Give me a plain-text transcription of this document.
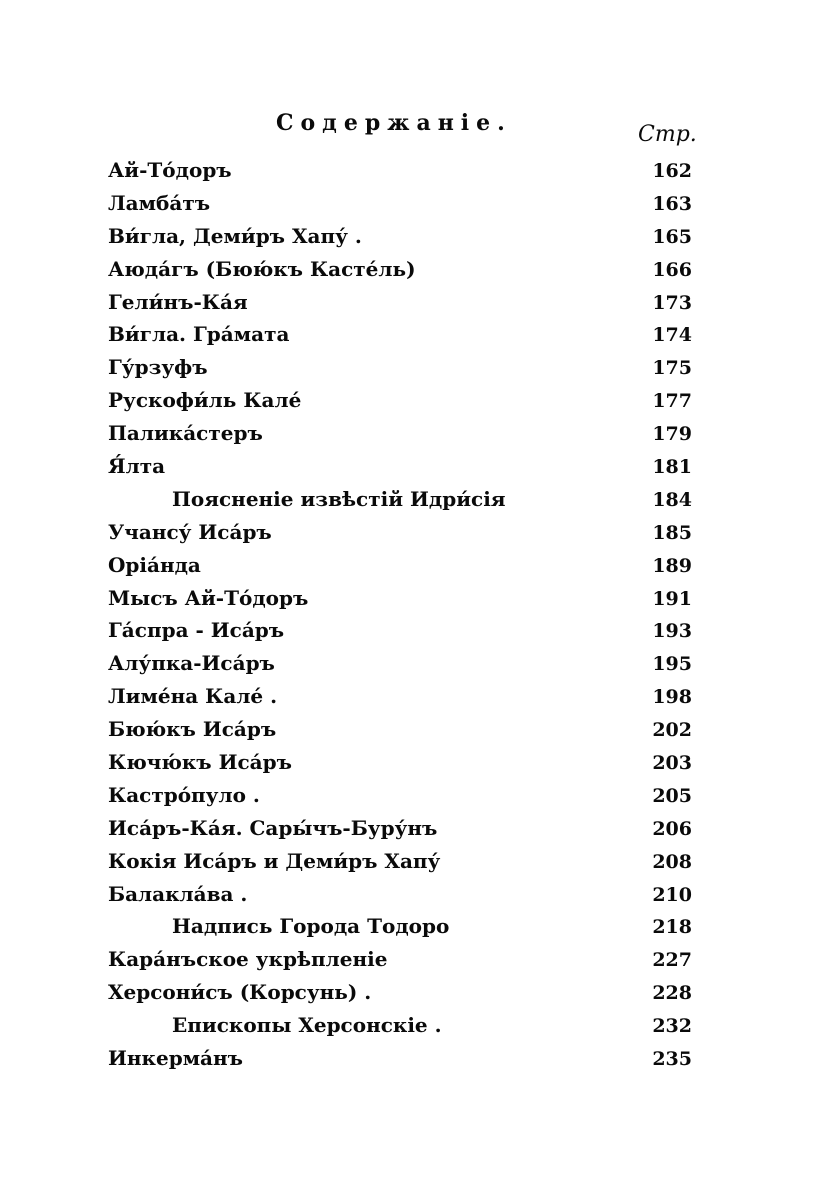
Содержаніе.	Стр.
Ай-То́доръ	162
Ламба́тъ	163
Ви́гла, Деми́ръ Хапу́ .	165
Аюда́гъ (Бюю́къ Касте́ль)	166
Гели́нъ-Ка́я	173
Ви́гла. Гра́мата	174
Гу́рзуфъ	175
Рускофи́ль Кале́	177
Палика́стеръ	179
Я́лта	181
Поясненіе извѣстій Идри́сія	184
Учансу́ Иса́ръ	185
Оріа́нда	189
Мысъ Ай-То́доръ	191
Га́спра - Иса́ръ	193
Алу́пка-Иса́ръ	195
Лиме́на Кале́ .	198
Бюю́къ Иса́ръ	202
Кючю́къ Иса́ръ	203
Кастро́пуло .	205
Иса́ръ-Ка́я. Сары́чъ-Буру́нъ	206
Кокія Иса́ръ и Деми́ръ Хапу́	208
Балакла́ва .	210
Надпись Города Тодоро	218
Кара́нъское укрѣпленіе	227
Херсони́съ (Корсунь) .	228
Епископы Херсонскіе .	232
Инкерма́нъ	235
